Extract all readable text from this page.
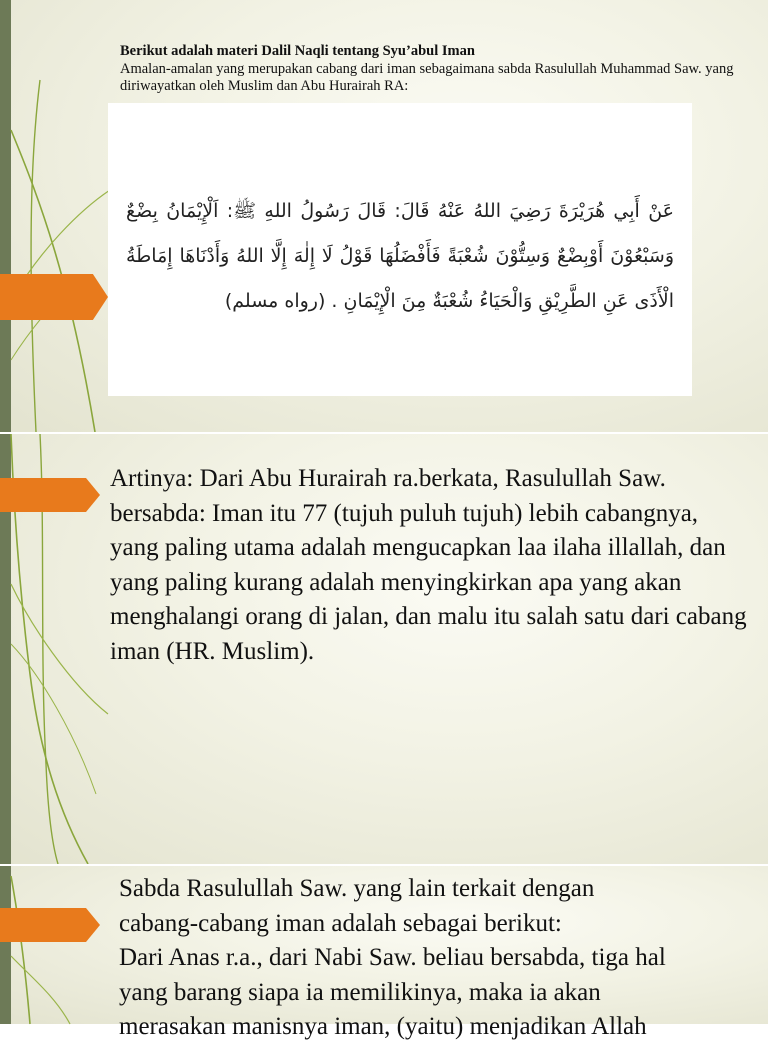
Berikut adalah materi Dalil Naqli tentang Syu’abul Iman
Amalan-amalan yang merupakan cabang dari iman sebagaimana sabda Rasulullah Muhammad Saw. yang diriwayatkan oleh Muslim dan Abu Hurairah RA:
عَنْ أَبِي هُرَيْرَةَ رَضِيَ اللهُ عَنْهُ قَالَ: قَالَ رَسُولُ اللهِ ﷺ: اَلْإِيْمَانُ بِضْعٌ وَسَبْعُوْنَ أَوْبِضْعٌ وَسِتُّوْنَ شُعْبَةً فَأَفْضَلُهَا قَوْلُ لَا إِلٰهَ إِلَّا اللهُ وَأَدْنَاهَا إِمَاطَةُ الْأَذَى عَنِ الطَّرِيْقِ وَالْحَيَاءُ شُعْبَةٌ مِنَ الْإِيْمَانِ . (رواه مسلم)
Artinya: Dari Abu Hurairah ra.berkata, Rasulullah Saw. bersabda: Iman itu 77 (tujuh puluh tujuh) lebih cabangnya, yang paling utama adalah mengucapkan laa ilaha illallah, dan yang paling kurang adalah menyingkirkan apa yang akan menghalangi orang di jalan, dan malu itu salah satu dari cabang iman (HR. Muslim).
Sabda Rasulullah Saw. yang lain terkait dengan
cabang-cabang iman adalah sebagai berikut:
Dari Anas r.a., dari Nabi Saw. beliau bersabda, tiga hal
yang barang siapa ia memilikinya, maka ia akan
merasakan manisnya iman, (yaitu) menjadikan Allah
